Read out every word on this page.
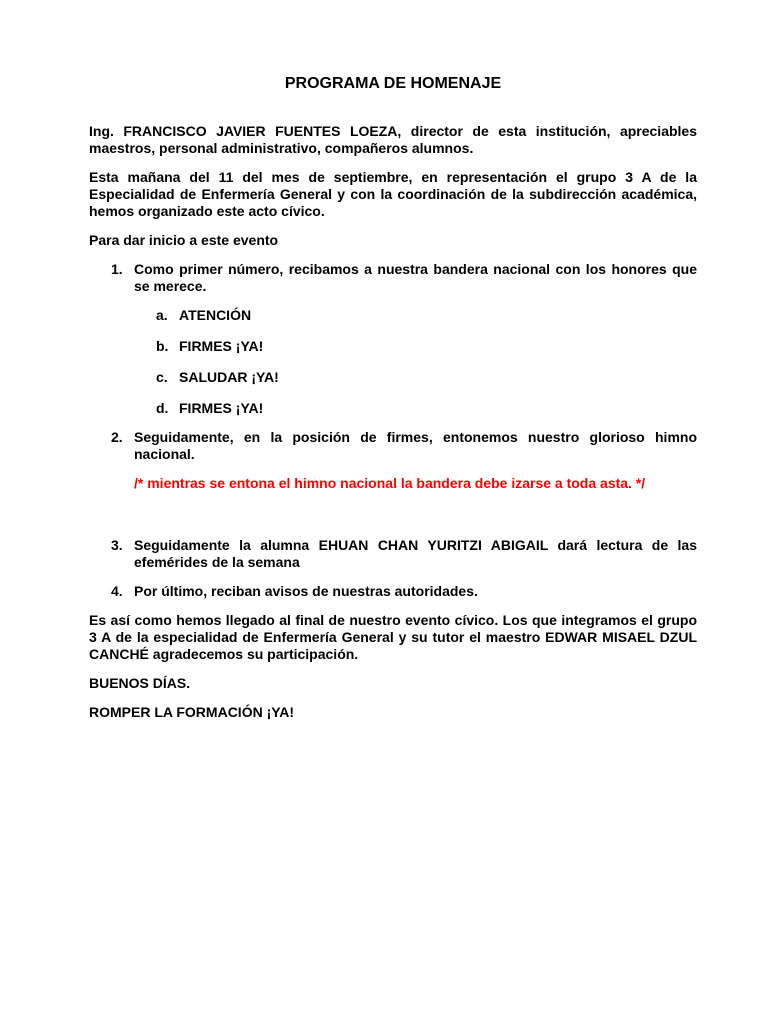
PROGRAMA DE HOMENAJE

Ing. FRANCISCO JAVIER FUENTES LOEZA, director de esta institución, apreciables maestros, personal administrativo, compañeros alumnos.

Esta mañana del 11 del mes de septiembre, en representación el grupo 3 A de la Especialidad de Enfermería General y con la coordinación de la subdirección académica, hemos organizado este acto cívico.

Para dar inicio a este evento

1. Como primer número, recibamos a nuestra bandera nacional con los honores que se merece.
a. ATENCIÓN
b. FIRMES ¡YA!
c. SALUDAR ¡YA!
d. FIRMES ¡YA!
2. Seguidamente, en la posición de firmes, entonemos nuestro glorioso himno nacional.
/* mientras se entona el himno nacional la bandera debe izarse a toda asta. */
3. Seguidamente la alumna EHUAN CHAN YURITZI ABIGAIL dará lectura de las efemérides de la semana
4. Por último, reciban avisos de nuestras autoridades.

Es así como hemos llegado al final de nuestro evento cívico. Los que integramos el grupo 3 A de la especialidad de Enfermería General y su tutor el maestro EDWAR MISAEL DZUL CANCHÉ agradecemos su participación.

BUENOS DÍAS.

ROMPER LA FORMACIÓN ¡YA!
